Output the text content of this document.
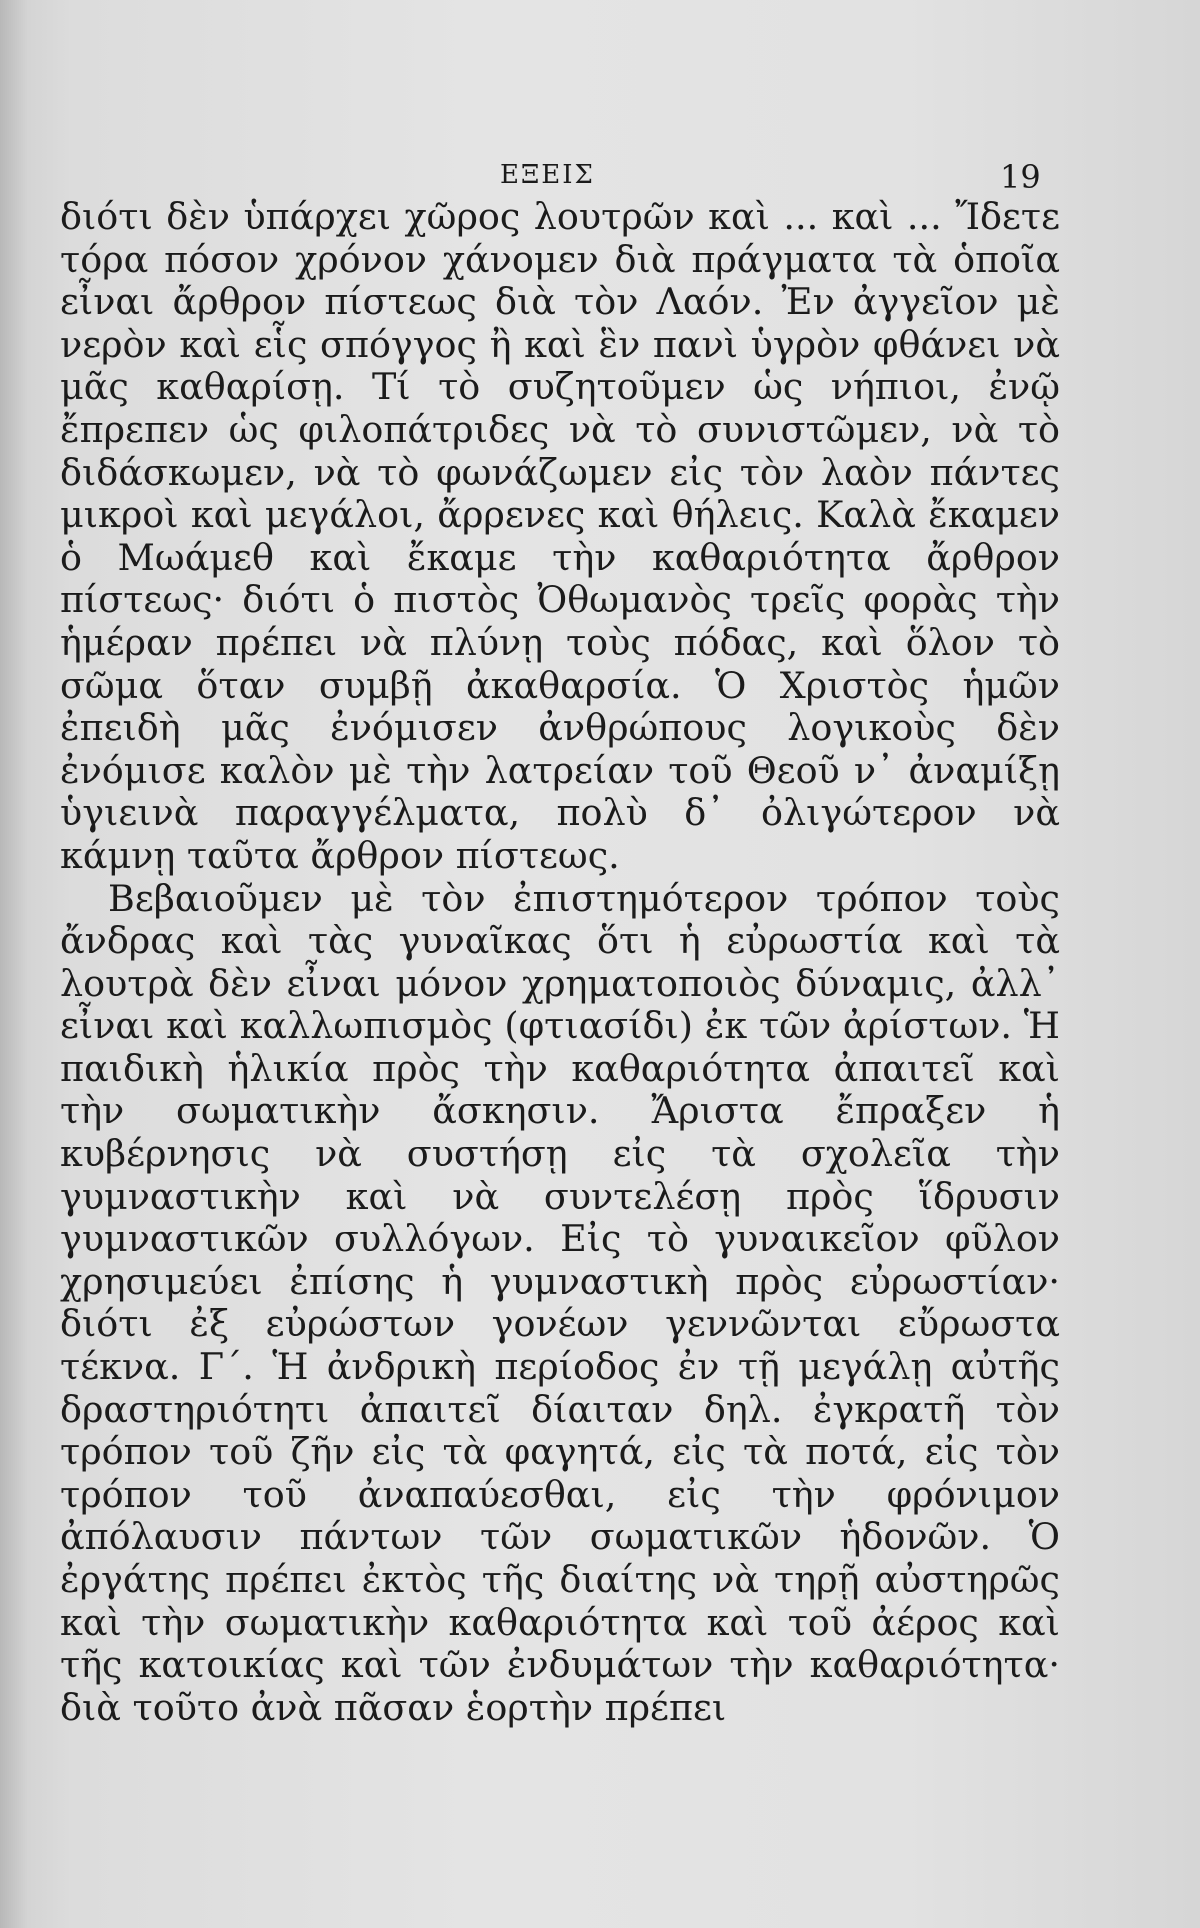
ΕΞΕΙΣ	19

διότι δὲν ὑπάρχει χῶρος λουτρῶν καὶ ... καὶ ... Ἴδετε τόρα πόσον χρόνον χάνομεν διὰ πράγματα τὰ ὁποῖα εἶναι ἄρθρον πίστεως διὰ τὸν Λαόν. Ἐν ἀγγεῖον μὲ νερὸν καὶ εἷς σπόγγος ἢ καὶ ἓν πανὶ ὑγρὸν φθάνει νὰ μᾶς καθαρίσῃ. Τί τὸ συζητοῦμεν ὡς νήπιοι, ἐνῷ ἔπρεπεν ὡς φιλοπάτριδες νὰ τὸ συνιστῶμεν, νὰ τὸ διδάσκωμεν, νὰ τὸ φωνάζωμεν εἰς τὸν λαὸν πάντες μικροὶ καὶ μεγάλοι, ἄρρενες καὶ θήλεις. Καλὰ ἔκαμεν ὁ Μωάμεθ καὶ ἔκαμε τὴν καθαριότητα ἄρθρον πίστεως· διότι ὁ πιστὸς Ὀθωμανὸς τρεῖς φορὰς τὴν ἡμέραν πρέπει νὰ πλύνῃ τοὺς πόδας, καὶ ὅλον τὸ σῶμα ὅταν συμβῇ ἀκαθαρσία. Ὁ Χριστὸς ἡμῶν ἐπειδὴ μᾶς ἐνόμισεν ἀνθρώπους λογικοὺς δὲν ἐνόμισε καλὸν μὲ τὴν λατρείαν τοῦ Θεοῦ ν᾽ ἀναμίξῃ ὑγιεινὰ παραγγέλματα, πολὺ δ᾽ ὀλιγώτερον νὰ κάμνῃ ταῦτα ἄρθρον πίστεως.

Βεβαιοῦμεν μὲ τὸν ἐπιστημότερον τρόπον τοὺς ἄνδρας καὶ τὰς γυναῖκας ὅτι ἡ εὐρωστία καὶ τὰ λουτρὰ δὲν εἶναι μόνον χρηματοποιὸς δύναμις, ἀλλ᾽ εἶναι καὶ καλλωπισμὸς (φτιασίδι) ἐκ τῶν ἀρίστων. Ἡ παιδικὴ ἡλικία πρὸς τὴν καθαριότητα ἀπαιτεῖ καὶ τὴν σωματικὴν ἄσκησιν. Ἄριστα ἔπραξεν ἡ κυβέρνησις νὰ συστήσῃ εἰς τὰ σχολεῖα τὴν γυμναστικὴν καὶ νὰ συντελέσῃ πρὸς ἵδρυσιν γυμναστικῶν συλλόγων. Εἰς τὸ γυναικεῖον φῦλον χρησιμεύει ἐπίσης ἡ γυμναστικὴ πρὸς εὐρωστίαν· διότι ἐξ εὐρώστων γονέων γεννῶνται εὔρωστα τέκνα. Γ΄. Ἡ ἀνδρικὴ περίοδος ἐν τῇ μεγάλῃ αὐτῆς δραστηριότητι ἀπαιτεῖ δίαιταν δηλ. ἐγκρατῆ τὸν τρόπον τοῦ ζῆν εἰς τὰ φαγητά, εἰς τὰ ποτά, εἰς τὸν τρόπον τοῦ ἀναπαύεσθαι, εἰς τὴν φρόνιμον ἀπόλαυσιν πάντων τῶν σωματικῶν ἡδονῶν. Ὁ ἐργάτης πρέπει ἐκτὸς τῆς διαίτης νὰ τηρῇ αὐστηρῶς καὶ τὴν σωματικὴν καθαριότητα καὶ τοῦ ἀέρος καὶ τῆς κατοικίας καὶ τῶν ἐνδυμάτων τὴν καθαριότητα· διὰ τοῦτο ἀνὰ πᾶσαν ἑορτὴν πρέπει
